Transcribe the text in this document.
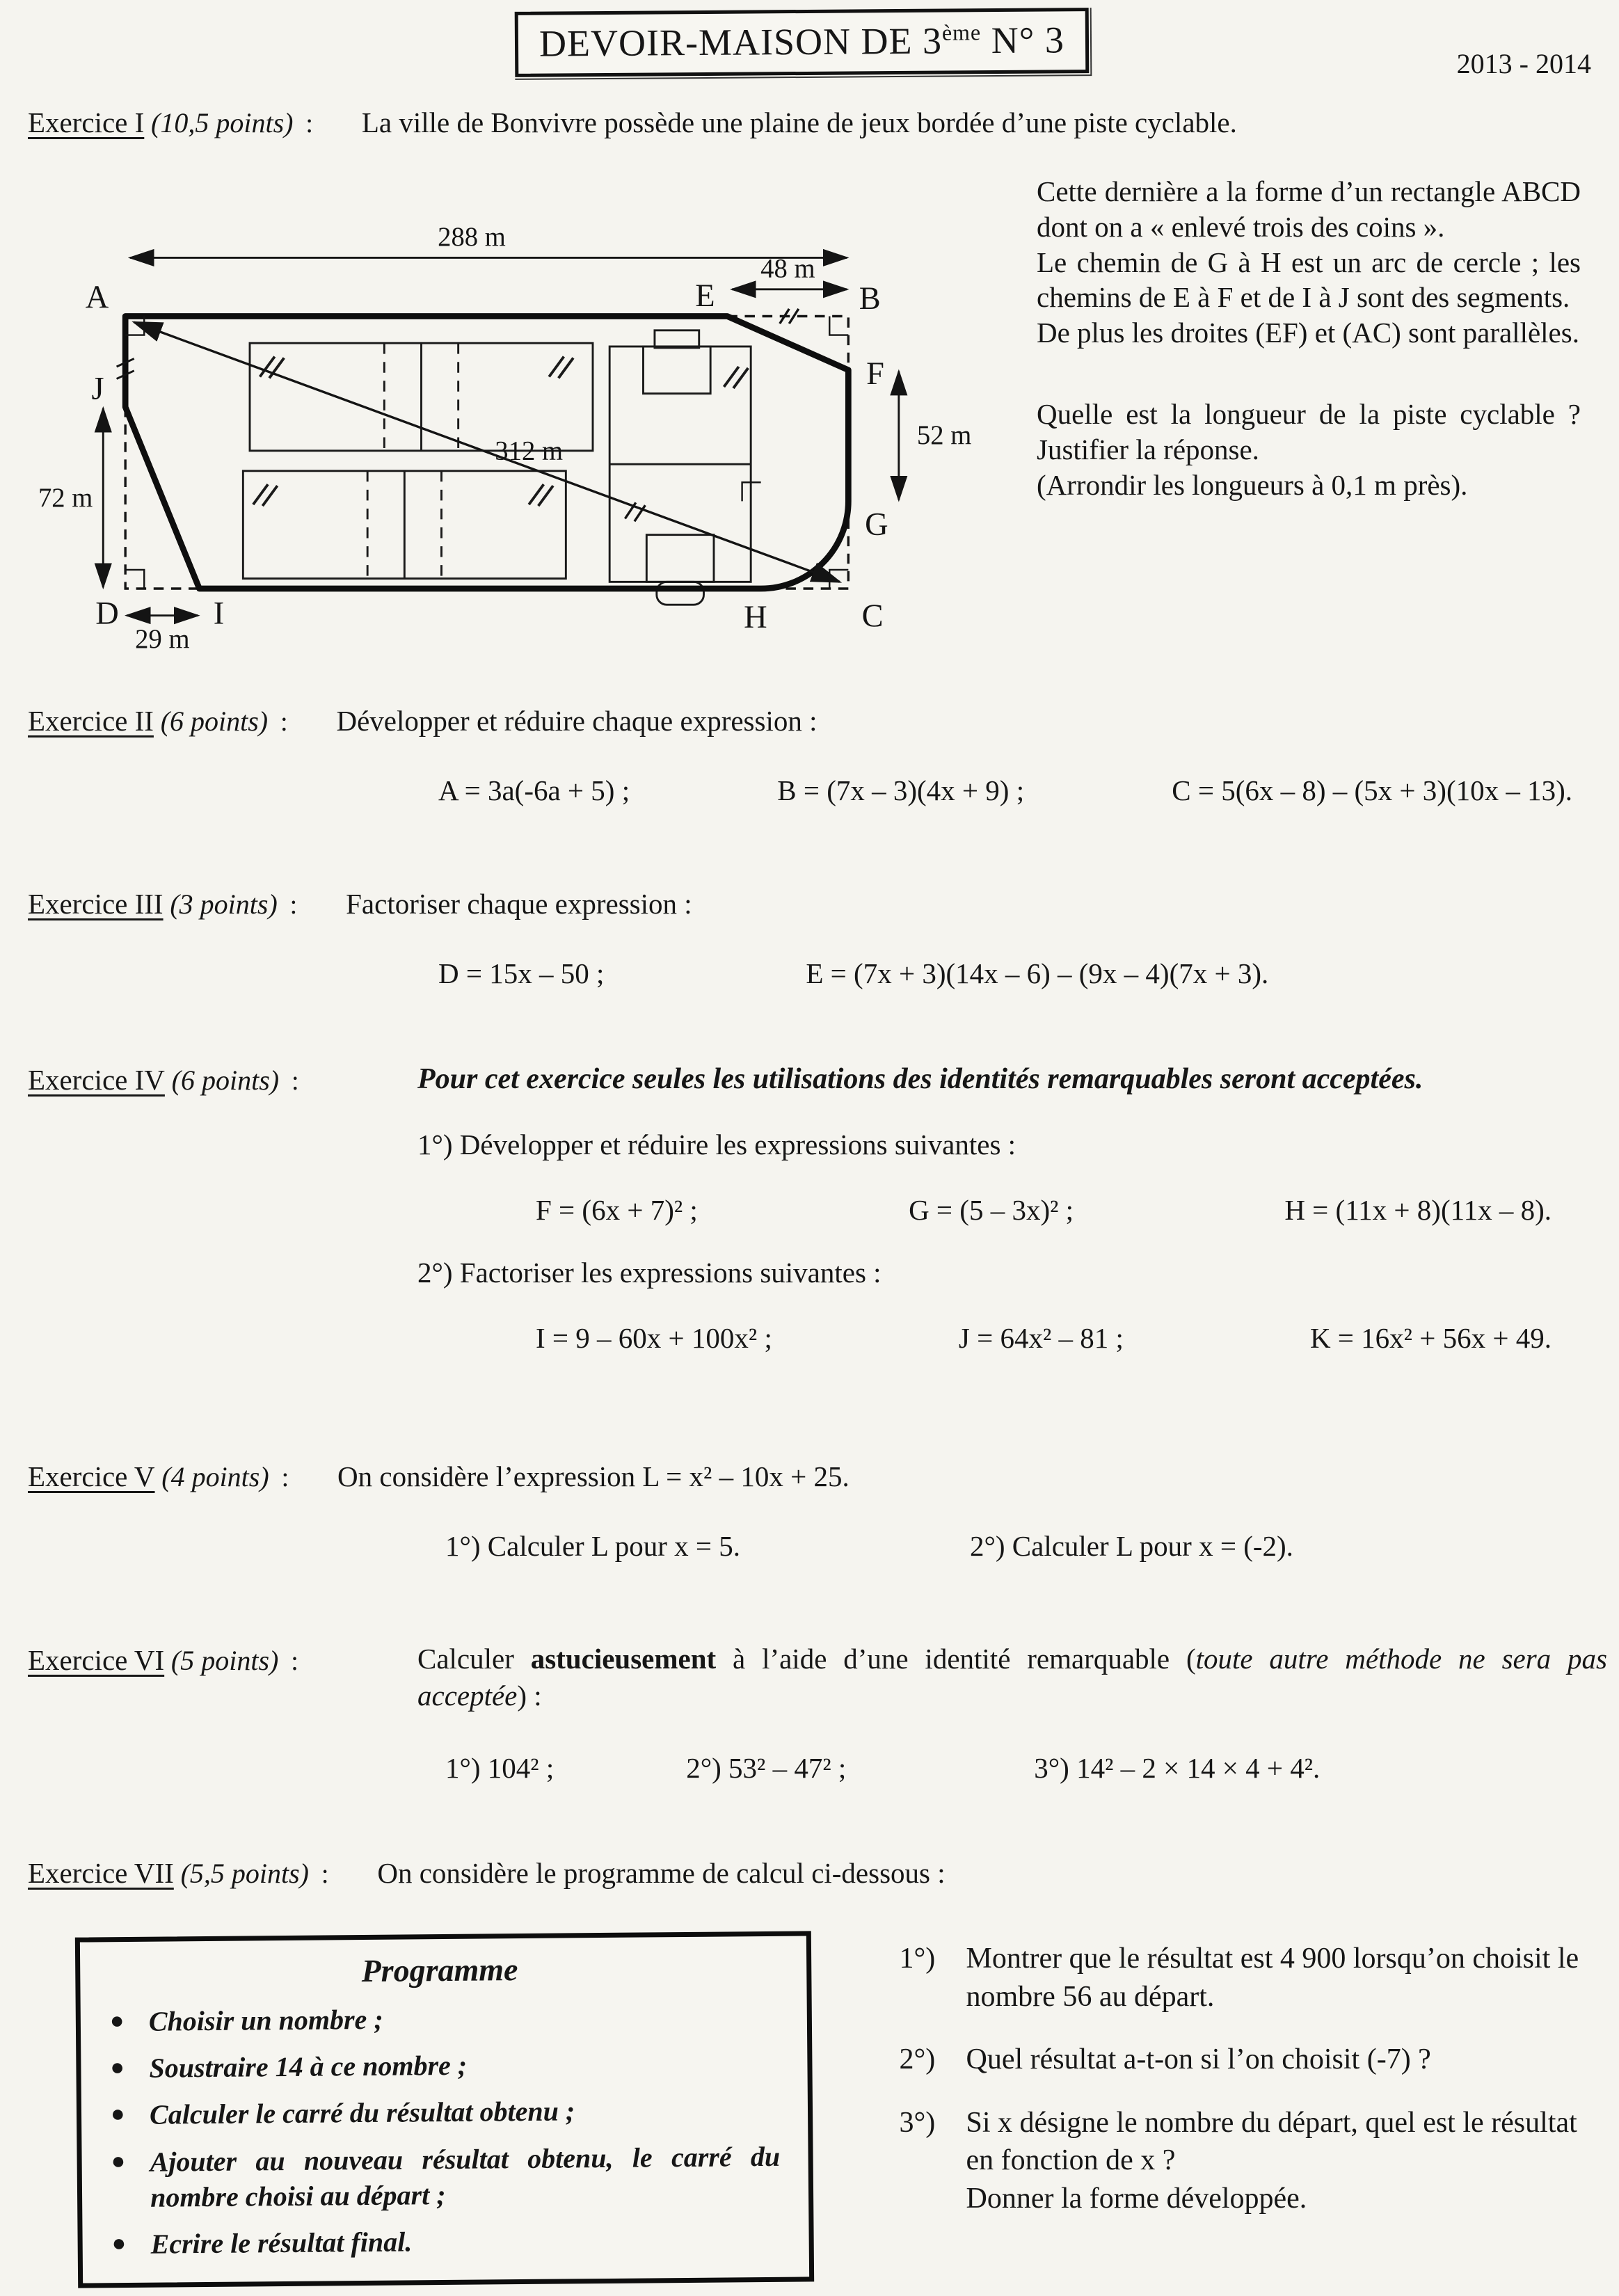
DEVOIR-MAISON DE 3ème N° 3
2013 - 2014
Exercice I (10,5 points) : La ville de Bonvivre possède une plaine de jeux bordée d’une piste cyclable.
288 m
48 m
52 m
72 m
29 m
312 m
A	B
E
F
G
C
H
I
D
J

Cette dernière a la forme d’un rectangle ABCD dont on a « enlevé trois des coins ».

Le chemin de G à H est un arc de cercle ; les chemins de E à F et de I à J sont des segments.

De plus les droites (EF) et (AC) sont parallèles.

Quelle est la longueur de la piste cyclable ? Justifier la réponse.

(Arrondir les longueurs à 0,1 m près).

Exercice II (6 points) : Développer et réduire chaque expression :
A = 3a(-6a + 5) ;	B = (7x – 3)(4x + 9) ;	C = 5(6x – 8) – (5x + 3)(10x – 13).
Exercice III (3 points) : Factoriser chaque expression :
D = 15x – 50 ;	E = (7x + 3)(14x – 6) – (9x – 4)(7x + 3).
Exercice IV (6 points) :	Pour cet exercice seules les utilisations des identités remarquables seront acceptées.

1°) Développer et réduire les expressions suivantes :
F = (6x + 7)² ;	G = (5 – 3x)² ;	H = (11x + 8)(11x – 8).
2°) Factoriser les expressions suivantes :
I = 9 – 60x + 100x² ;	J = 64x² – 81 ;	K = 16x² + 56x + 49.
Exercice V (4 points) : On considère l’expression L = x² – 10x + 25.
1°) Calculer L pour x = 5.	2°) Calculer L pour x = (-2).
Exercice VI (5 points) :	Calculer astucieusement à l’aide d’une identité remarquable (toute autre méthode ne sera pas acceptée) :

1°) 104² ;	2°) 53² – 47² ;	3°) 14² – 2 × 14 × 4 + 4².
Exercice VII (5,5 points) : On considère le programme de calcul ci-dessous :
Programme
● Choisir un nombre ;
● Soustraire 14 à ce nombre ;
● Calculer le carré du résultat obtenu ;
● Ajouter au nouveau résultat obtenu, le carré du nombre choisi au départ ;
● Ecrire le résultat final.
1°)	Montrer que le résultat est 4 900 lorsqu’on choisit le nombre 56 au départ.
2°)	Quel résultat a-t-on si l’on choisit (-7) ?
3°)	Si x désigne le nombre du départ, quel est le résultat en fonction de x ?
Donner la forme développée.
